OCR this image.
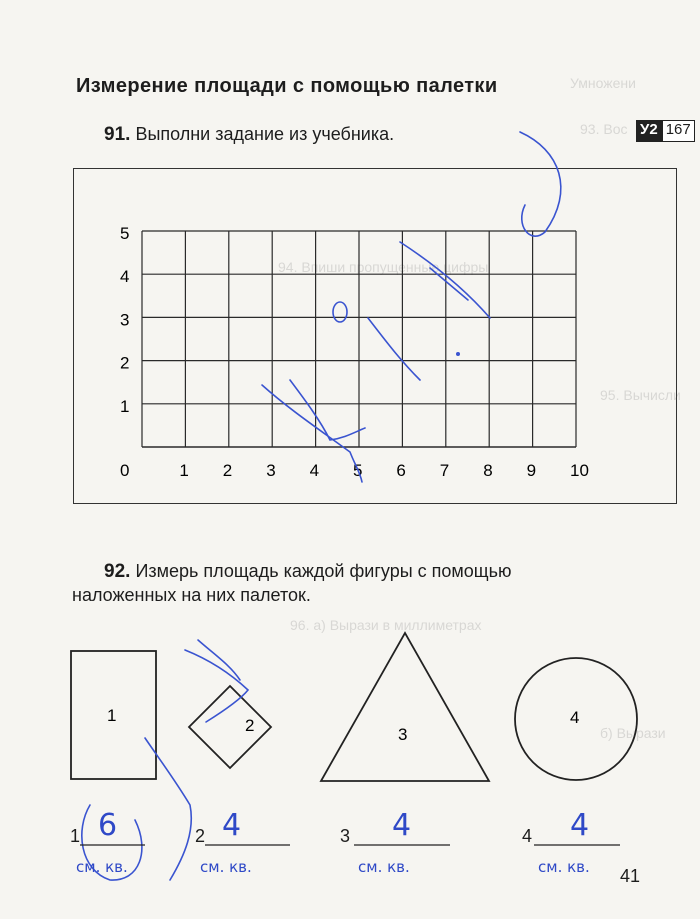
Умножени
93. Вос
94. Впиши пропущенные цифры
95. Вычисли
96. а) Вырази в миллиметрах
б) Вырази
Измерение площади с помощью палетки
У2 167
91. Выполни задание из учебника.
0	1 2 3 4 5 6 7 8 9 10
1
2
3
4
5
92. Измерь площадь каждой фигуры с помощью
наложенных на них палеток.
1
2	3
4
1 6
см. кв.
2 4
см. кв.
3 4
см. кв.
4 4
см. кв. 41
